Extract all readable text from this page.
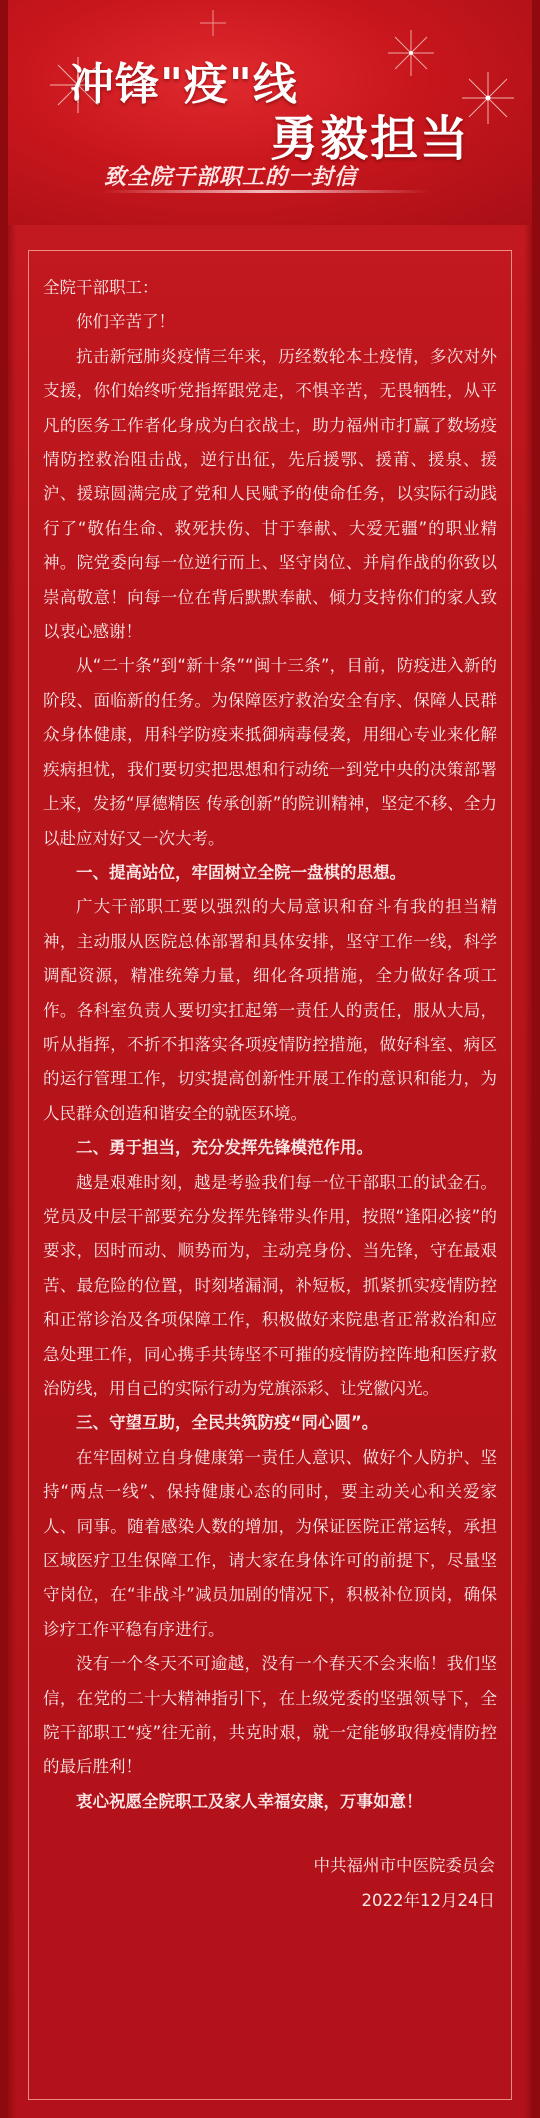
冲锋"疫"线
勇毅担当
致全院干部职工的一封信

全院干部职工：

你们辛苦了！

抗击新冠肺炎疫情三年来，历经数轮本土疫情，多次对外支援，你们始终听党指挥跟党走，不惧辛苦，无畏牺牲，从平凡的医务工作者化身成为白衣战士，助力福州市打赢了数场疫情防控救治阻击战，逆行出征，先后援鄂、援莆、援泉、援沪、援琼圆满完成了党和人民赋予的使命任务，以实际行动践行了“敬佑生命、救死扶伤、甘于奉献、大爱无疆”的职业精神。院党委向每一位逆行而上、坚守岗位、并肩作战的你致以崇高敬意！向每一位在背后默默奉献、倾力支持你们的家人致以衷心感谢！

从“二十条”到“新十条”“闽十三条”，目前，防疫进入新的阶段、面临新的任务。为保障医疗救治安全有序、保障人民群众身体健康，用科学防疫来抵御病毒侵袭，用细心专业来化解疾病担忧，我们要切实把思想和行动统一到党中央的决策部署上来，发扬“厚德精医 传承创新”的院训精神，坚定不移、全力以赴应对好又一次大考。

一、提高站位，牢固树立全院一盘棋的思想。

广大干部职工要以强烈的大局意识和奋斗有我的担当精神，主动服从医院总体部署和具体安排，坚守工作一线，科学调配资源，精准统筹力量，细化各项措施，全力做好各项工作。各科室负责人要切实扛起第一责任人的责任，服从大局，听从指挥，不折不扣落实各项疫情防控措施，做好科室、病区的运行管理工作，切实提高创新性开展工作的意识和能力，为人民群众创造和谐安全的就医环境。

二、勇于担当，充分发挥先锋模范作用。

越是艰难时刻，越是考验我们每一位干部职工的试金石。党员及中层干部要充分发挥先锋带头作用，按照“逢阳必接”的要求，因时而动、顺势而为，主动亮身份、当先锋，守在最艰苦、最危险的位置，时刻堵漏洞，补短板，抓紧抓实疫情防控和正常诊治及各项保障工作，积极做好来院患者正常救治和应急处理工作，同心携手共铸坚不可摧的疫情防控阵地和医疗救治防线，用自己的实际行动为党旗添彩、让党徽闪光。

三、守望互助，全民共筑防疫“同心圆”。

在牢固树立自身健康第一责任人意识、做好个人防护、坚持“两点一线”、保持健康心态的同时，要主动关心和关爱家人、同事。随着感染人数的增加，为保证医院正常运转，承担区域医疗卫生保障工作，请大家在身体许可的前提下，尽量坚守岗位，在“非战斗”减员加剧的情况下，积极补位顶岗，确保诊疗工作平稳有序进行。

没有一个冬天不可逾越，没有一个春天不会来临！我们坚信，在党的二十大精神指引下，在上级党委的坚强领导下，全院干部职工“疫”往无前，共克时艰，就一定能够取得疫情防控的最后胜利！

衷心祝愿全院职工及家人幸福安康，万事如意！

中共福州市中医院委员会

2022年12月24日
